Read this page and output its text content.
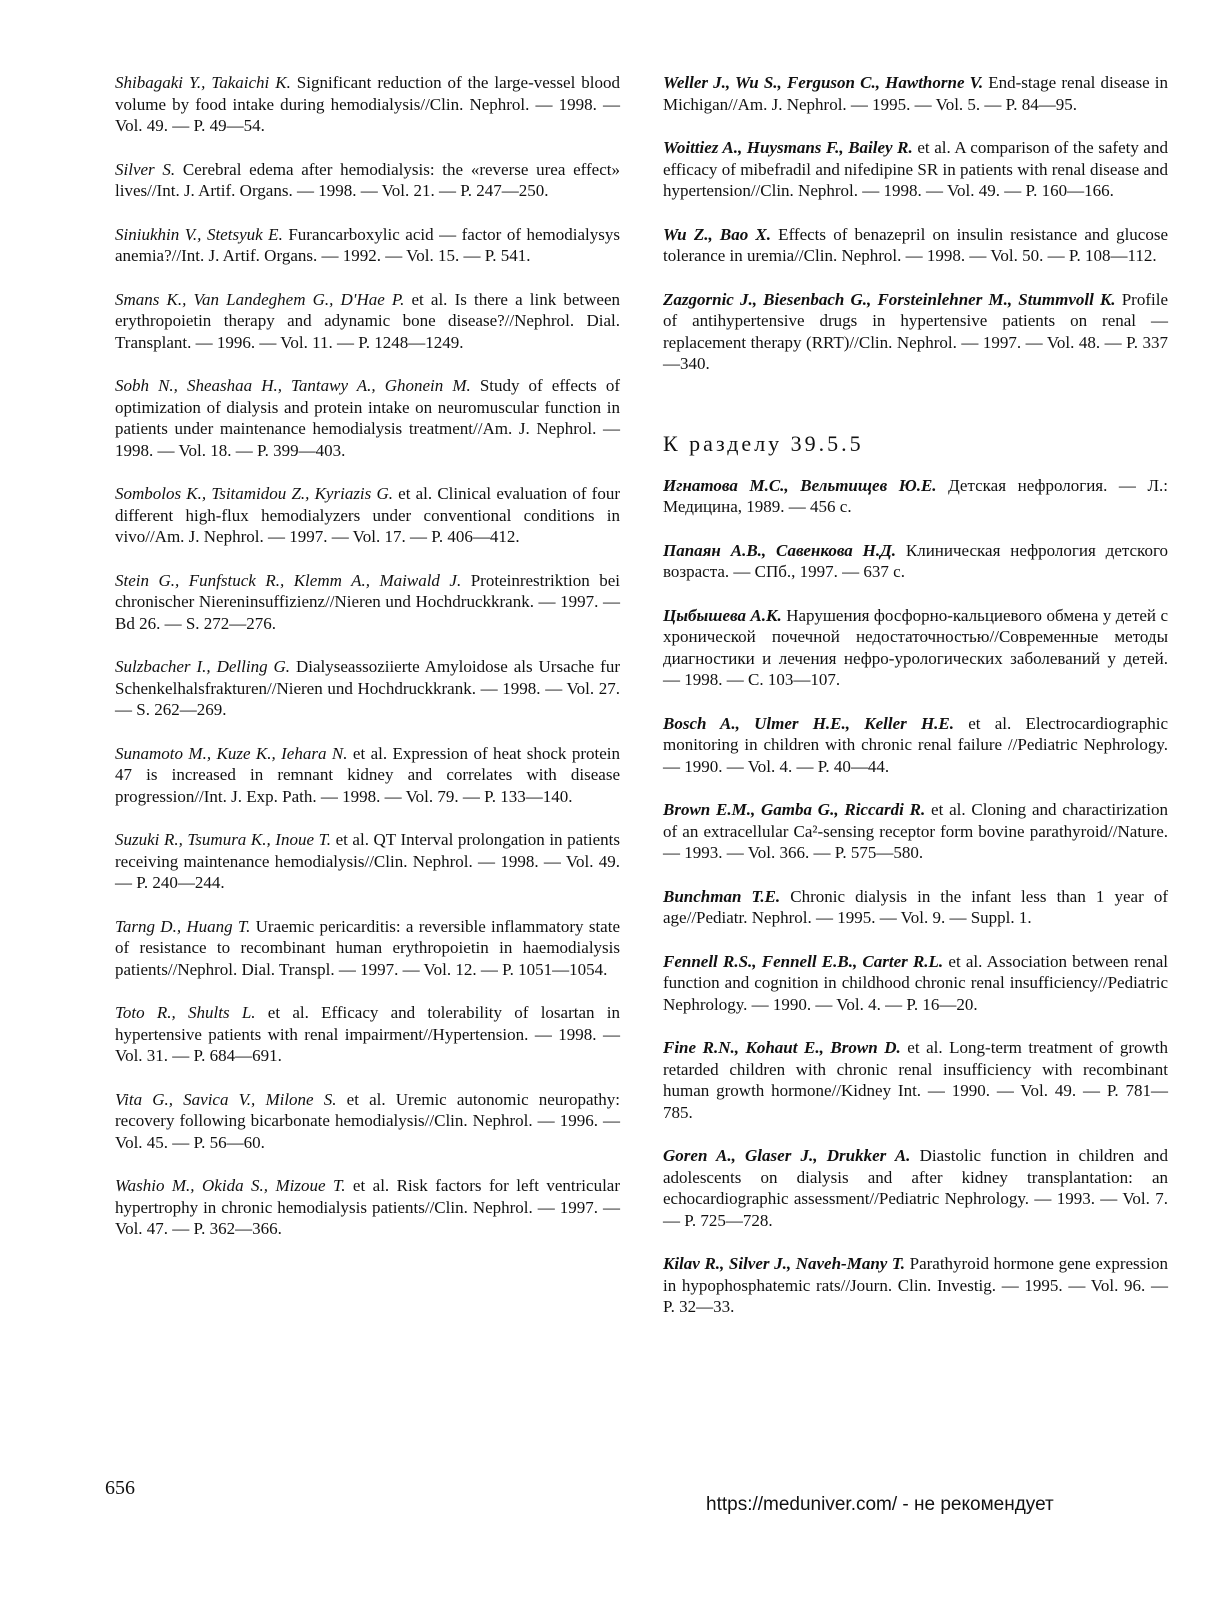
Shibagaki Y., Takaichi K. Significant reduction of the large-vessel blood volume by food intake during hemodialysis//Clin. Nephrol. — 1998. — Vol. 49. — P. 49—54.

Silver S. Cerebral edema after hemodialysis: the «reverse urea effect» lives//Int. J. Artif. Organs. — 1998. — Vol. 21. — P. 247—250.

Siniukhin V., Stetsyuk E. Furancarboxylic acid — factor of hemodialysys anemia?//Int. J. Artif. Organs. — 1992. — Vol. 15. — P. 541.

Smans K., Van Landeghem G., D'Hae P. et al. Is there a link between erythropoietin therapy and adynamic bone disease?//Nephrol. Dial. Transplant. — 1996. — Vol. 11. — P. 1248—1249.

Sobh N., Sheashaa H., Tantawy A., Ghonein M. Study of effects of optimization of dialysis and protein intake on neuromuscular function in patients under maintenance hemodialysis treatment//Am. J. Nephrol. — 1998. — Vol. 18. — P. 399—403.

Sombolos K., Tsitamidou Z., Kyriazis G. et al. Clinical evaluation of four different high-flux hemodialyzers under conventional conditions in vivo//Am. J. Nephrol. — 1997. — Vol. 17. — P. 406—412.

Stein G., Funfstuck R., Klemm A., Maiwald J. Proteinrestriktion bei chronischer Niereninsuffizienz//Nieren und Hochdruckkrank. — 1997. — Bd 26. — S. 272—276.

Sulzbacher I., Delling G. Dialyseassoziierte Amyloidose als Ursache fur Schenkelhalsfrakturen//Nieren und Hochdruckkrank. — 1998. — Vol. 27. — S. 262—269.

Sunamoto M., Kuze K., Iehara N. et al. Expression of heat shock protein 47 is increased in remnant kidney and correlates with disease progression//Int. J. Exp. Path. — 1998. — Vol. 79. — P. 133—140.

Suzuki R., Tsumura K., Inoue T. et al. QT Interval prolongation in patients receiving maintenance hemodialysis//Clin. Nephrol. — 1998. — Vol. 49. — P. 240—244.

Tarng D., Huang T. Uraemic pericarditis: a reversible inflammatory state of resistance to recombinant human erythropoietin in haemodialysis patients//Nephrol. Dial. Transpl. — 1997. — Vol. 12. — P. 1051—1054.

Toto R., Shults L. et al. Efficacy and tolerability of losartan in hypertensive patients with renal impairment//Hypertension. — 1998. — Vol. 31. — P. 684—691.

Vita G., Savica V., Milone S. et al. Uremic autonomic neuropathy: recovery following bicarbonate hemodialysis//Clin. Nephrol. — 1996. — Vol. 45. — P. 56—60.

Washio M., Okida S., Mizoue T. et al. Risk factors for left ventricular hypertrophy in chronic hemodialysis patients//Clin. Nephrol. — 1997. — Vol. 47. — P. 362—366.

Weller J., Wu S., Ferguson C., Hawthorne V. End-stage renal disease in Michigan//Am. J. Nephrol. — 1995. — Vol. 5. — P. 84—95.

Woittiez A., Huysmans F., Bailey R. et al. A comparison of the safety and efficacy of mibefradil and nifedipine SR in patients with renal disease and hypertension//Clin. Nephrol. — 1998. — Vol. 49. — P. 160—166.

Wu Z., Bao X. Effects of benazepril on insulin resistance and glucose tolerance in uremia//Clin. Nephrol. — 1998. — Vol. 50. — P. 108—112.

Zazgornic J., Biesenbach G., Forsteinlehner M., Stummvoll K. Profile of antihypertensive drugs in hypertensive patients on renal — replacement therapy (RRT)//Clin. Nephrol. — 1997. — Vol. 48. — P. 337—340.

К разделу 39.5.5

Игнатова М.С., Вельтищев Ю.Е. Детская нефрология. — Л.: Медицина, 1989. — 456 с.

Папаян А.В., Савенкова Н.Д. Клиническая нефрология детского возраста. — СПб., 1997. — 637 с.

Цыбышева А.К. Нарушения фосфорно-кальциевого обмена у детей с хронической почечной недостаточностью//Современные методы диагностики и лечения нефро-урологических заболеваний у детей. — 1998. — С. 103—107.

Bosch A., Ulmer H.E., Keller H.E. et al. Electrocardiographic monitoring in children with chronic renal failure //Pediatric Nephrology. — 1990. — Vol. 4. — P. 40—44.

Brown E.M., Gamba G., Riccardi R. et al. Cloning and charactirization of an extracellular Ca²-sensing receptor form bovine parathyroid//Nature. — 1993. — Vol. 366. — P. 575—580.

Bunchman T.E. Chronic dialysis in the infant less than 1 year of age//Pediatr. Nephrol. — 1995. — Vol. 9. — Suppl. 1.

Fennell R.S., Fennell E.B., Carter R.L. et al. Association between renal function and cognition in childhood chronic renal insufficiency//Pediatric Nephrology. — 1990. — Vol. 4. — P. 16—20.

Fine R.N., Kohaut E., Brown D. et al. Long-term treatment of growth retarded children with chronic renal insufficiency with recombinant human growth hormone//Kidney Int. — 1990. — Vol. 49. — P. 781—785.

Goren A., Glaser J., Drukker A. Diastolic function in children and adolescents on dialysis and after kidney transplantation: an echocardiographic assessment//Pediatric Nephrology. — 1993. — Vol. 7. — P. 725—728.

Kilav R., Silver J., Naveh-Many T. Parathyroid hormone gene expression in hypophosphatemic rats//Journ. Clin. Investig. — 1995. — Vol. 96. — P. 32—33.

656
https://meduniver.com/ - не рекомендует
